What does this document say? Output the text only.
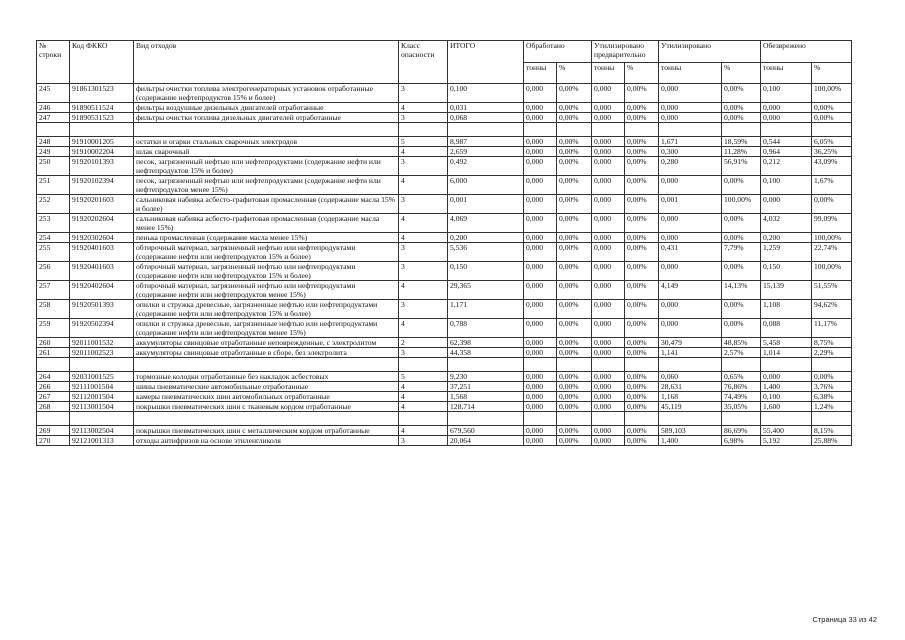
№ строки	Код ФККО	Вид отходов	Класс опасности	ИТОГО	Обработано		Утилизировано предварительно		Утилизировано		Обезврежено	
					тонны	%	тонны	%	тонны	%	тонны	%
245	91861301523	фильтры очистки топлива электрогенераторных установок отработанные (содержание нефтепродуктов 15% и более)	3	0,100	0,000	0,00%	0,000	0,00%	0,000	0,00%	0,100	100,00%
246	91890511524	фильтры воздушные дизельных двигателей отработанные	4	0,031	0,000	0,00%	0,000	0,00%	0,000	0,00%	0,000	0,00%
247	91890531523	фильтры очистки топлива дизельных двигателей отработанные	3	0,068	0,000	0,00%	0,000	0,00%	0,000	0,00%	0,000	0,00%

248	91910001205	остатки и огарки стальных сварочных электродов	5	8,987	0,000	0,00%	0,000	0,00%	1,671	18,59%	0,544	6,05%
249	91910002204	шлак сварочный	4	2,659	0,000	0,00%	0,000	0,00%	0,300	11,28%	0,964	36,25%
250	91920101393	песок, загрязненный нефтью или нефтепродуктами (содержание нефти или нефтепродуктов 15% и более)	3	0,492	0,000	0,00%	0,000	0,00%	0,280	56,91%	0,212	43,09%
251	91920102394	песок, загрязненный нефтью или нефтепродуктами (содержание нефти или нефтепродуктов менее 15%)	4	6,000	0,000	0,00%	0,000	0,00%	0,000	0,00%	0,100	1,67%
252	91920201603	сальниковая набивка асбесто-графитовая промасленная (содержание масла 15% и более)	3	0,001	0,000	0,00%	0,000	0,00%	0,001	100,00%	0,000	0,00%
253	91920202604	сальниковая набивка асбесто-графитовая промасленная (содержание масла менее 15%)	4	4,069	0,000	0,00%	0,000	0,00%	0,000	0,00%	4,032	99,09%
254	91920302604	пенька промасленная (содержание масла менее 15%)	4	0,200	0,000	0,00%	0,000	0,00%	0,000	0,00%	0,200	100,00%
255	91920401603	обтирочный материал, загрязненный нефтью или нефтепродуктами (содержание нефти или нефтепродуктов 15% и более)	3	5,536	0,000	0,00%	0,000	0,00%	0,431	7,79%	1,259	22,74%
256	91920401603	обтирочный материал, загрязненный нефтью или нефтепродуктами (содержание нефти или нефтепродуктов 15% и более)	3	0,150	0,000	0,00%	0,000	0,00%	0,000	0,00%	0,150	100,00%
257	91920402604	обтирочный материал, загрязненный нефтью или нефтепродуктами (содержание нефти или нефтепродуктов менее 15%)	4	29,365	0,000	0,00%	0,000	0,00%	4,149	14,13%	15,139	51,55%
258	91920501393	опилки и стружка древесные, загрязненные нефтью или нефтепродуктами (содержание нефти или нефтепродуктов 15% и более)	3	1,171	0,000	0,00%	0,000	0,00%	0,000	0,00%	1,108	94,62%
259	91920502394	опилки и стружка древесные, загрязненные нефтью или нефтепродуктами (содержание нефти или нефтепродуктов менее 15%)	4	0,788	0,000	0,00%	0,000	0,00%	0,000	0,00%	0,088	11,17%
260	92011001532	аккумуляторы свинцовые отработанные неповрежденные, с электролитом	2	62,398	0,000	0,00%	0,000	0,00%	30,479	48,85%	5,458	8,75%
261	92011002523	аккумуляторы свинцовые отработанные в сборе, без электролита	3	44,358	0,000	0,00%	0,000	0,00%	1,141	2,57%	1,014	2,29%

264	92031001525	тормозные колодки отработанные без накладок асбестовых	5	9,230	0,000	0,00%	0,000	0,00%	0,060	0,65%	0,000	0,00%
266	92111001504	шины пневматические автомобильные отработанные	4	37,251	0,000	0,00%	0,000	0,00%	28,631	76,86%	1,400	3,76%
267	92112001504	камеры пневматических шин автомобильных отработанные	4	1,568	0,000	0,00%	0,000	0,00%	1,168	74,49%	0,100	6,38%
268	92113001504	покрышки пневматических шин с тканевым кордом отработанные	4	128,714	0,000	0,00%	0,000	0,00%	45,119	35,05%	1,600	1,24%

269	92113002504	покрышки пневматических шин с металлическим кордом отработанные	4	679,560	0,000	0,00%	0,000	0,00%	589,103	86,69%	55,400	8,15%
270	92121001313	отходы антифризов на основе этиленгликоля	3	20,064	0,000	0,00%	0,000	0,00%	1,400	6,98%	5,192	25,88%
Страница 33 из 42
